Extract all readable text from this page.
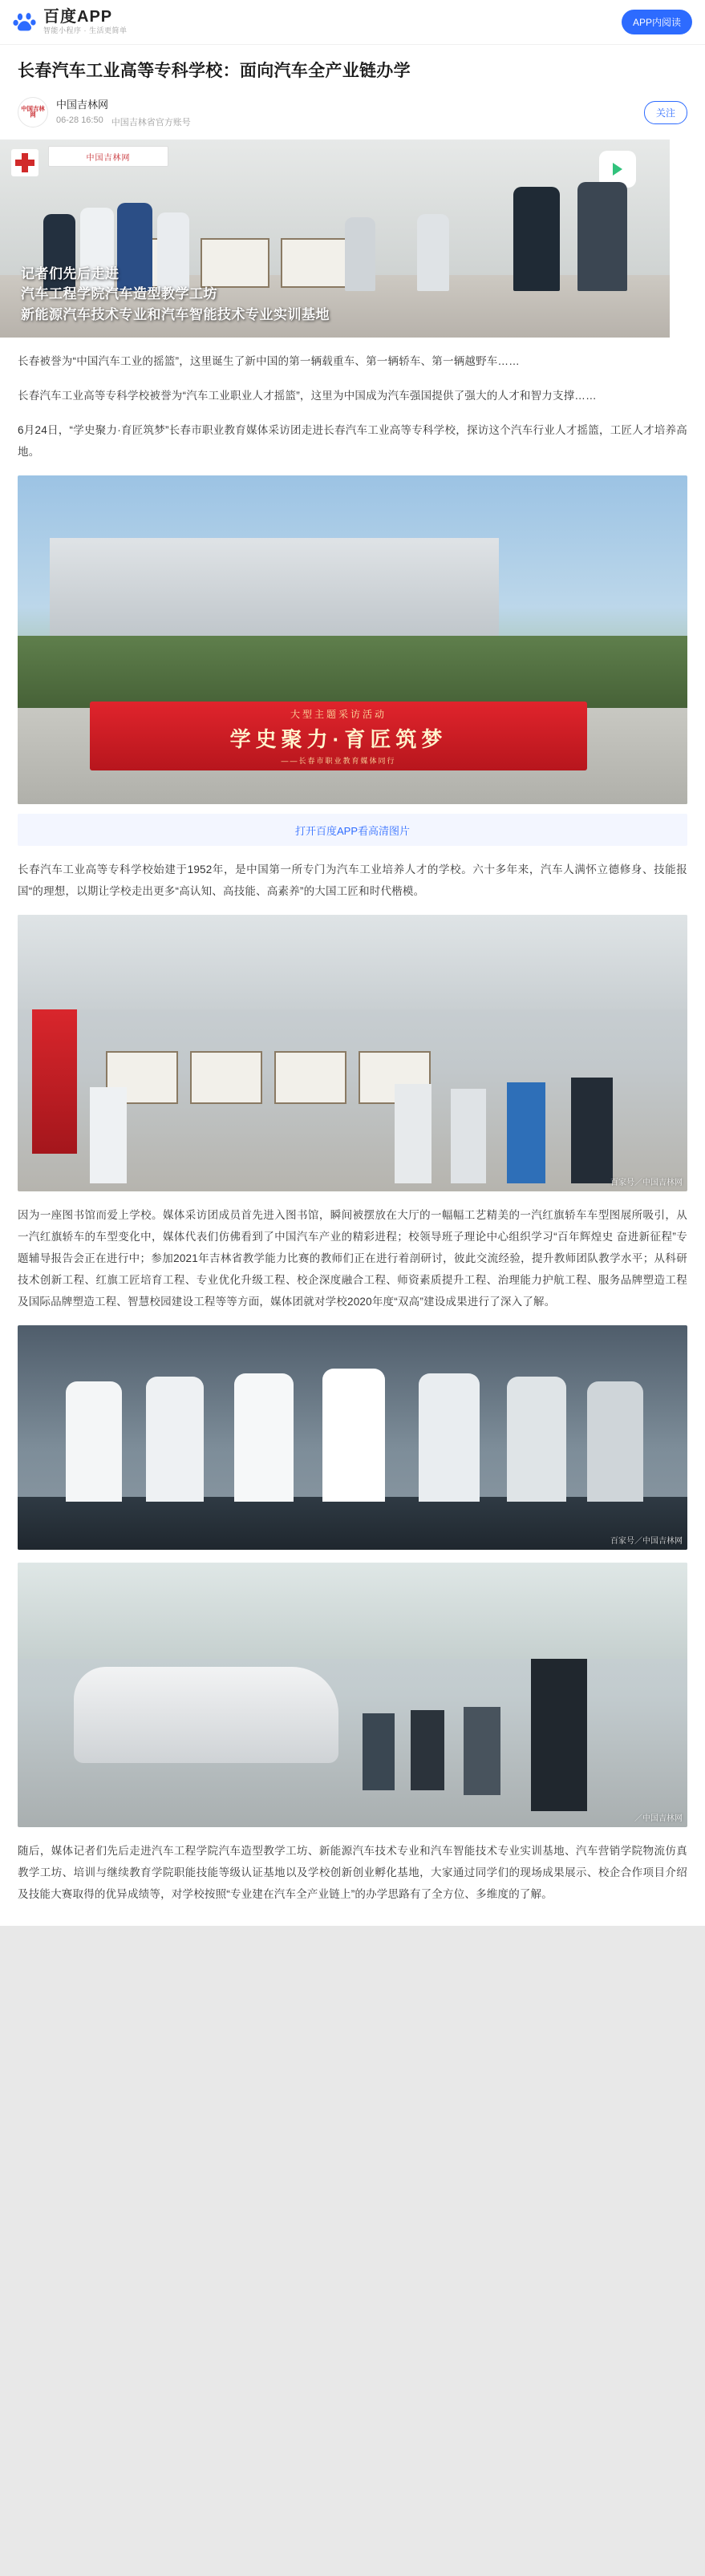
百度APP
智能小程序 · 生活更简单
APP内阅读
长春汽车工业高等专科学校：面向汽车全产业链办学
中国吉林网
中国吉林网
06-28 16:50 中国吉林省官方账号
关注
中国吉林网
记者们先后走进
汽车工程学院汽车造型教学工坊
新能源汽车技术专业和汽车智能技术专业实训基地

长春被誉为“中国汽车工业的摇篮”，这里诞生了新中国的第一辆载重车、第一辆轿车、第一辆越野车……

长春汽车工业高等专科学校被誉为“汽车工业职业人才摇篮”，这里为中国成为汽车强国提供了强大的人才和智力支撑……

6月24日，“学史聚力·育匠筑梦”长春市职业教育媒体采访团走进长春汽车工业高等专科学校，探访这个汽车行业人才摇篮，工匠人才培养高地。

大型主题采访活动
学史聚力·育匠筑梦
——长春市职业教育媒体同行
打开百度APP看高清图片

长春汽车工业高等专科学校始建于1952年，是中国第一所专门为汽车工业培养人才的学校。六十多年来，汽车人满怀立德修身、技能报国“的理想，以期让学校走出更多“高认知、高技能、高素养”的大国工匠和时代楷模。

百家号／中国吉林网

因为一座图书馆而爱上学校。媒体采访团成员首先进入图书馆，瞬间被摆放在大厅的一幅幅工艺精美的一汽红旗轿车车型图展所吸引，从一汽红旗轿车的车型变化中，媒体代表们仿佛看到了中国汽车产业的精彩进程；校领导班子理论中心组织学习“百年辉煌史 奋进新征程”专题辅导报告会正在进行中；参加2021年吉林省教学能力比赛的教师们正在进行着剖研讨，彼此交流经验，提升教师团队教学水平；从科研技术创新工程、红旗工匠培育工程、专业优化升级工程、校企深度融合工程、师资素质提升工程、治理能力护航工程、服务品牌塑造工程及国际品牌塑造工程、智慧校园建设工程等等方面，媒体团就对学校2020年度“双高”建设成果进行了深入了解。

百家号／中国吉林网
／中国吉林网

随后，媒体记者们先后走进汽车工程学院汽车造型教学工坊、新能源汽车技术专业和汽车智能技术专业实训基地、汽车营销学院物流仿真教学工坊、培训与继续教育学院职能技能等级认证基地以及学校创新创业孵化基地，大家通过同学们的现场成果展示、校企合作项目介绍及技能大赛取得的优异成绩等，对学校按照“专业建在汽车全产业链上”的办学思路有了全方位、多维度的了解。
